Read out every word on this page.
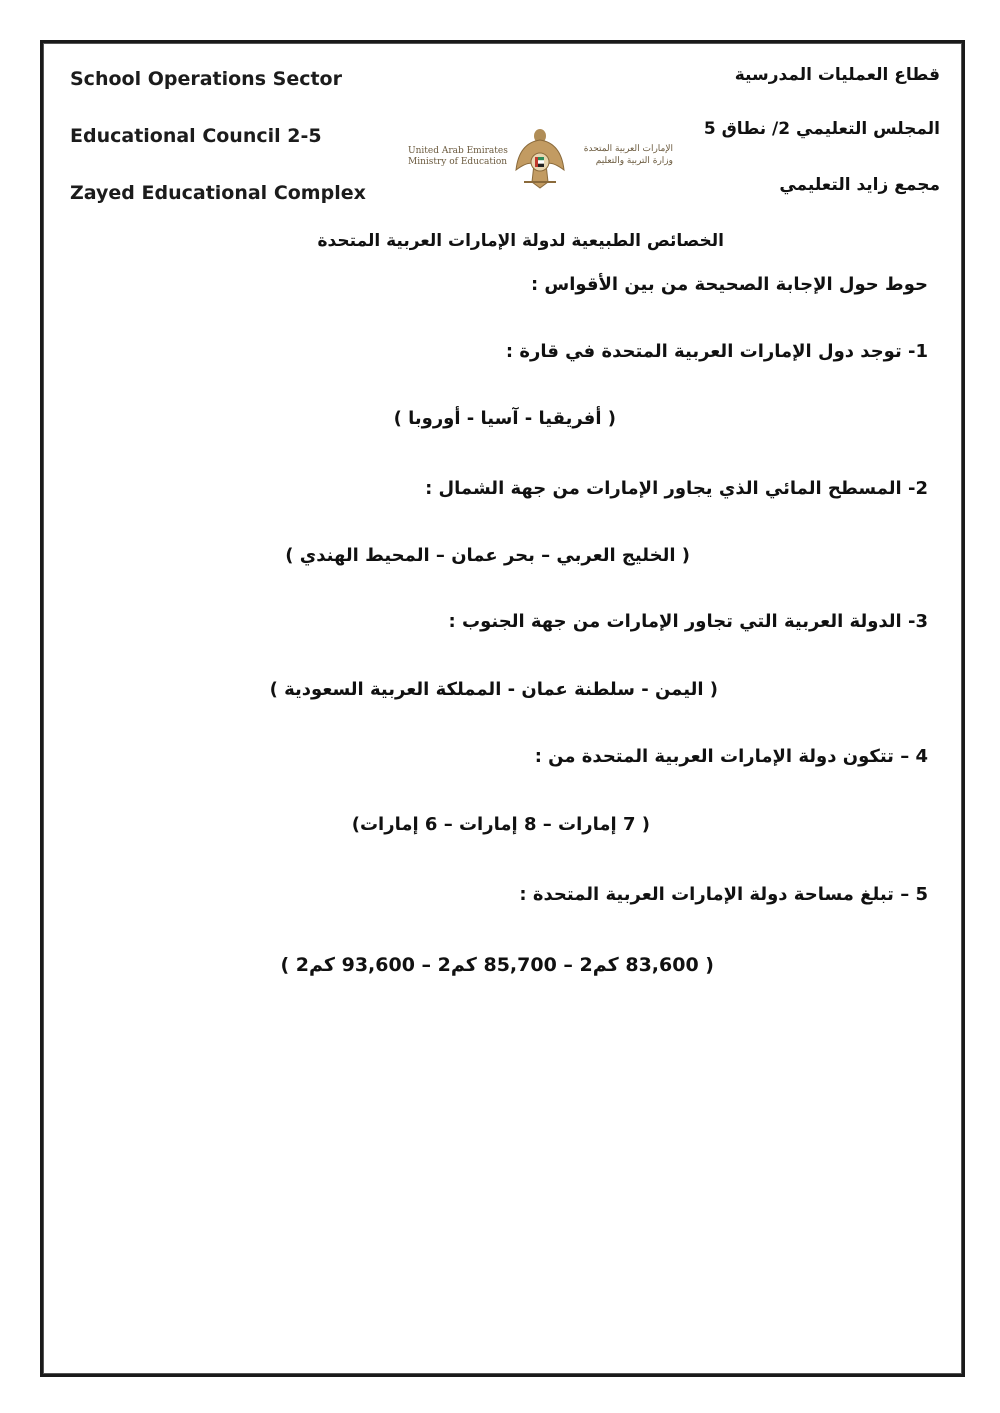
School Operations Sector
Educational Council 2-5
Zayed Educational Complex
قطاع العمليات المدرسية
المجلس التعليمي 2/ نطاق 5
مجمع زايد التعليمي
United Arab Emirates
Ministry of Education
الإمارات العربية المتحدة
وزارة التربية والتعليم
الخصائص الطبيعية لدولة الإمارات العربية المتحدة
حوط حول الإجابة الصحيحة من بين الأقواس :
1- توجد دول الإمارات العربية المتحدة في قارة :
( أفريقيا - آسيا - أوروبا )
2- المسطح المائي الذي يجاور الإمارات من جهة الشمال :
( الخليج العربي – بحر عمان – المحيط الهندي )
3- الدولة العربية التي تجاور الإمارات من جهة الجنوب :
( اليمن - سلطنة عمان - المملكة العربية السعودية )
4 – تتكون دولة الإمارات العربية المتحدة من :
( 7 إمارات – 8 إمارات – 6 إمارات)
5 – تبلغ مساحة دولة الإمارات العربية المتحدة :
( 83,600 كم2 – 85,700 كم2 – 93,600 كم2 )
